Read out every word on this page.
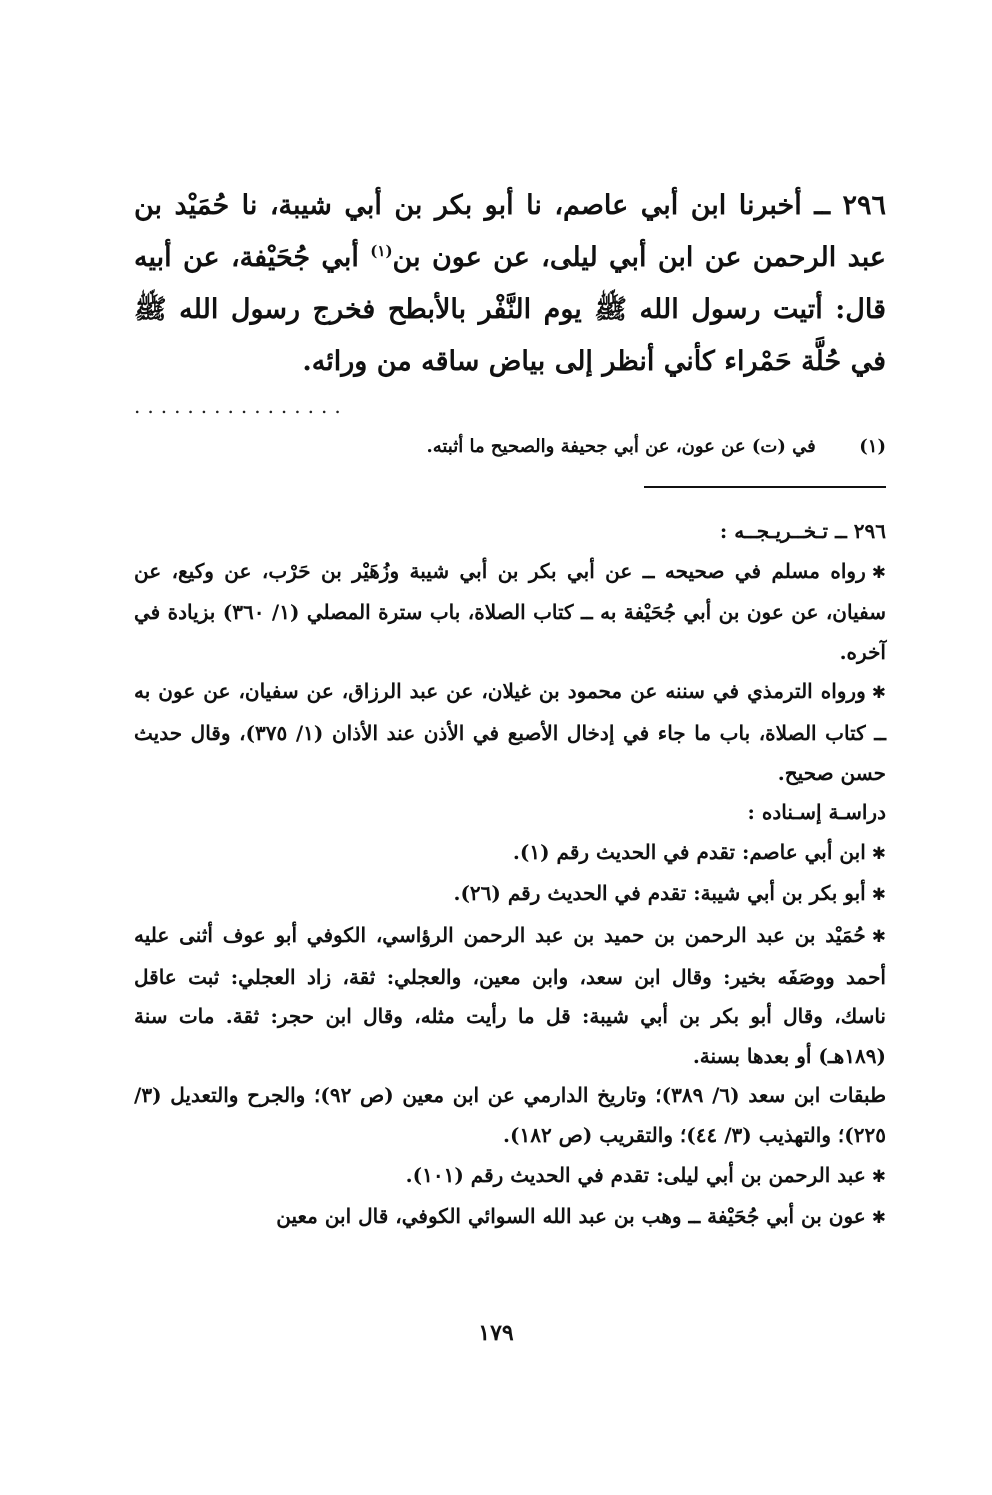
٢٩٦ ــ أخبرنا ابن أبي عاصم، نا أبو بكر بن أبي شيبة، نا حُمَيْد بن عبد الرحمن عن ابن أبي ليلى، عن عون بن$^{(١)}$ أبي جُحَيْفة، عن أبيه قال: أتيت رسول الله ﷺ يوم النَّفْر بالأبطح فخرج رسول الله ﷺ في حُلَّة حَمْراء كأني أنظر إلى بياض ساقه من ورائه.

................
(١) في (ت) عن عون، عن أبي جحيفة والصحيح ما أثبته.

٢٩٦ ــ تـخــريـجــه :

✱رواه مسلم في صحيحه ــ عن أبي بكر بن أبي شيبة وزُهَيْر بن حَرْب، عن وكيع، عن سفيان، عن عون بن أبي جُحَيْفة به ــ كتاب الصلاة، باب سترة المصلي (١/ ٣٦٠) بزيادة في آخره.

✱ورواه الترمذي في سننه عن محمود بن غيلان، عن عبد الرزاق، عن سفيان، عن عون به ــ كتاب الصلاة، باب ما جاء في إدخال الأصبع في الأذن عند الأذان (١/ ٣٧٥)، وقال حديث حسن صحيح.

دراسـة إسـناده :

✱ابن أبي عاصم: تقدم في الحديث رقم (١).

✱أبو بكر بن أبي شيبة: تقدم في الحديث رقم (٢٦).

✱حُمَيْد بن عبد الرحمن بن حميد بن عبد الرحمن الرؤاسي، الكوفي أبو عوف أثنى عليه أحمد ووصَفَه بخير: وقال ابن سعد، وابن معين، والعجلي: ثقة، زاد العجلي: ثبت عاقل ناسك، وقال أبو بكر بن أبي شيبة: قل ما رأيت مثله، وقال ابن حجر: ثقة. مات سنة (١٨٩هـ) أو بعدها بسنة.

طبقات ابن سعد (٦/ ٣٨٩)؛ وتاريخ الدارمي عن ابن معين (ص ٩٢)؛ والجرح والتعديل (٣/ ٢٢٥)؛ والتهذيب (٣/ ٤٤)؛ والتقريب (ص ١٨٢).

✱عبد الرحمن بن أبي ليلى: تقدم في الحديث رقم (١٠١).

✱عون بن أبي جُحَيْفة ــ وهب بن عبد الله السوائي الكوفي، قال ابن معين

١٧٩
